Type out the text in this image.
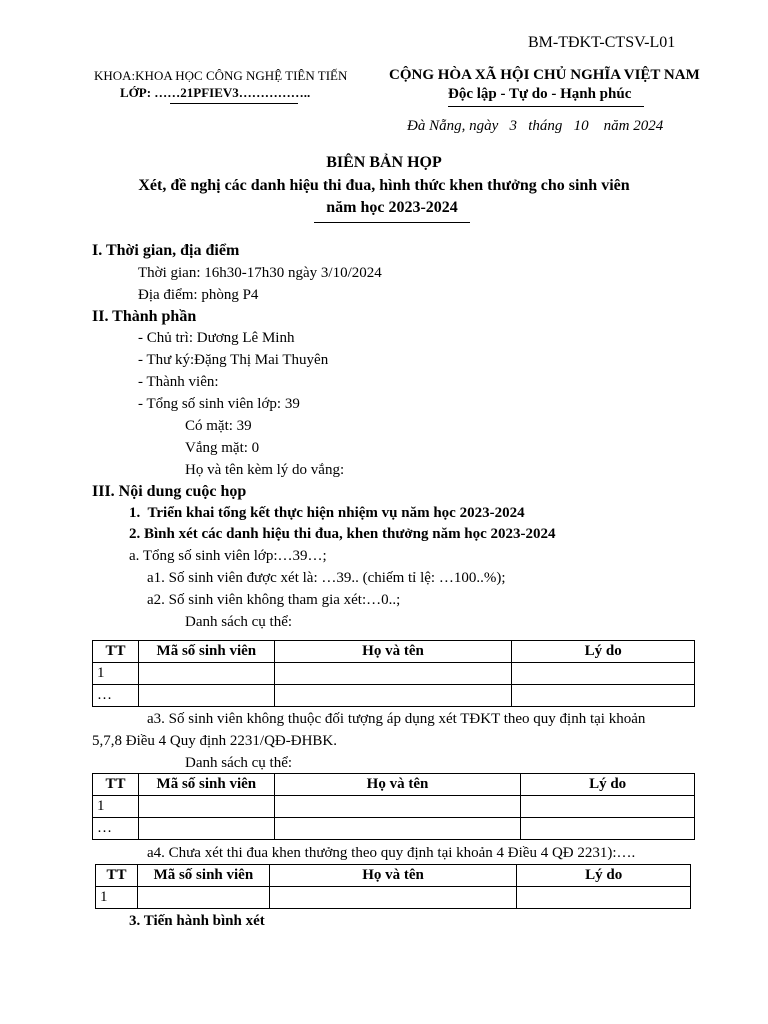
BM-TĐKT-CTSV-L01
KHOA:KHOA HỌC CÔNG NGHỆ TIÊN TIẾN
LỚP: ……21PFIEV3……………..
CỘNG HÒA XÃ HỘI CHỦ NGHĨA VIỆT NAM
Độc lập - Tự do - Hạnh phúc
Đà Nẵng, ngày   3   tháng   10    năm 2024
BIÊN BẢN HỌP
Xét, đề nghị các danh hiệu thi đua, hình thức khen thưởng cho sinh viên
năm học 2023-2024
I. Thời gian, địa điểm
Thời gian: 16h30-17h30 ngày 3/10/2024
Địa điểm: phòng P4
II. Thành phần
- Chủ trì: Dương Lê Minh
- Thư ký:Đặng Thị Mai Thuyên
- Thành viên:
- Tổng số sinh viên lớp: 39
Có mặt: 39
Vắng mặt: 0
Họ và tên kèm lý do vắng:
III. Nội dung cuộc họp
1.  Triển khai tổng kết thực hiện nhiệm vụ năm học 2023-2024
2. Bình xét các danh hiệu thi đua, khen thưởng năm học 2023-2024
a. Tổng số sinh viên lớp:…39…;
a1. Số sinh viên được xét là: …39.. (chiếm tỉ lệ: …100..%);
a2. Số sinh viên không tham gia xét:…0..;
Danh sách cụ thể:
TT	Mã số sinh viên	Họ và tên	Lý do
1			
…			
a3. Số sinh viên không thuộc đối tượng áp dụng xét TĐKT theo quy định tại khoản
5,7,8 Điều 4 Quy định 2231/QĐ-ĐHBK.
Danh sách cụ thể:
TT	Mã số sinh viên	Họ và tên	Lý do
1			
…			
a4. Chưa xét thi đua khen thưởng theo quy định tại khoản 4 Điều 4 QĐ 2231):….
TT	Mã số sinh viên	Họ và tên	Lý do
1			
3. Tiến hành bình xét
